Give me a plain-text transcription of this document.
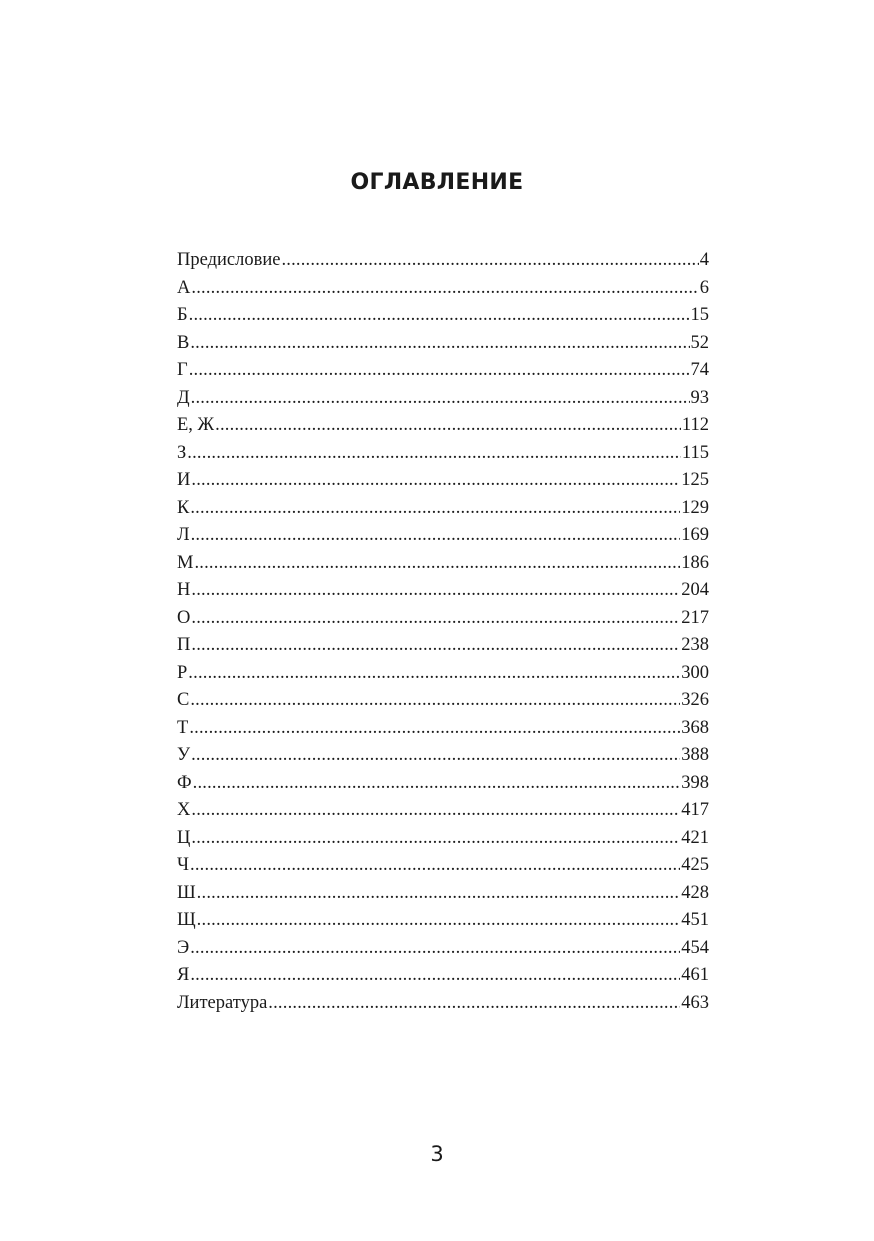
ОГЛАВЛЕНИЕ
Предисловие .....	4
А .....	6
Б .....	15
В .....	52
Г .....	74
Д .....	93
Е, Ж .....	112
З .....	115
И .....	125
К .....	129
Л .....	169
М .....	186
Н .....	204
О .....	217
П .....	238
Р .....	300
С .....	326
Т .....	368
У .....	388
Ф .....	398
Х .....	417
Ц .....	421
Ч .....	425
Ш .....	428
Щ .....	451
Э .....	454
Я .....	461
Литература .....	463

3
